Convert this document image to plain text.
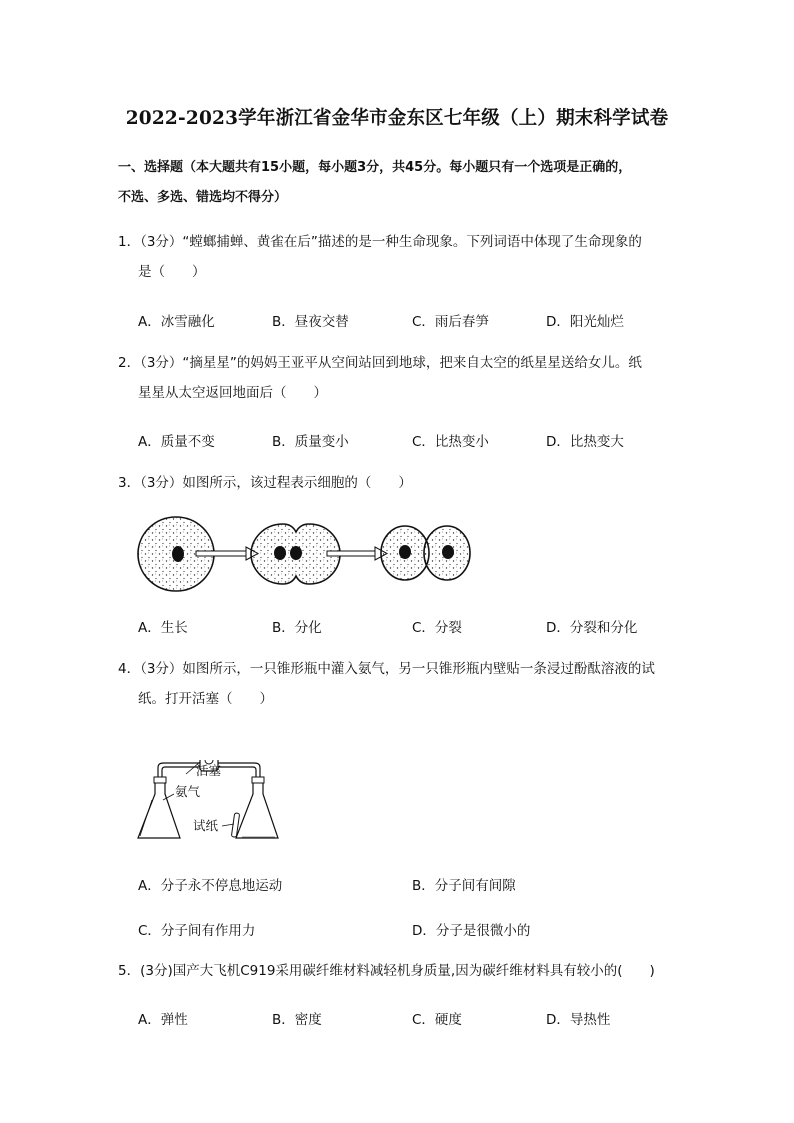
2022-2023学年浙江省金华市金东区七年级（上）期末科学试卷
一、选择题（本大题共有15小题，每小题3分，共45分。每小题只有一个选项是正确的，
不选、多选、错选均不得分）
1．（3分）“螳螂捕蝉、黄雀在后”描述的是一种生命现象。下列词语中体现了生命现象的
是（　　）
A．冰雪融化	B．昼夜交替	C．雨后春笋	D．阳光灿烂
2．（3分）“摘星星”的妈妈王亚平从空间站回到地球，把来自太空的纸星星送给女儿。纸
星星从太空返回地面后（　　）
A．质量不变	B．质量变小	C．比热变小	D．比热变大
3．（3分）如图所示，该过程表示细胞的（　　）
A．生长	B．分化	C．分裂	D．分裂和分化
4．（3分）如图所示，一只锥形瓶中灌入氨气，另一只锥形瓶内壁贴一条浸过酚酞溶液的试
纸。打开活塞（　　）
活塞
氨气
试纸
A．分子永不停息地运动	B．分子间有间隙
C．分子间有作用力	D．分子是很微小的
5．(3分)国产大飞机C919采用碳纤维材料减轻机身质量,因为碳纤维材料具有较小的(　　)
A．弹性	B．密度	C．硬度	D．导热性
